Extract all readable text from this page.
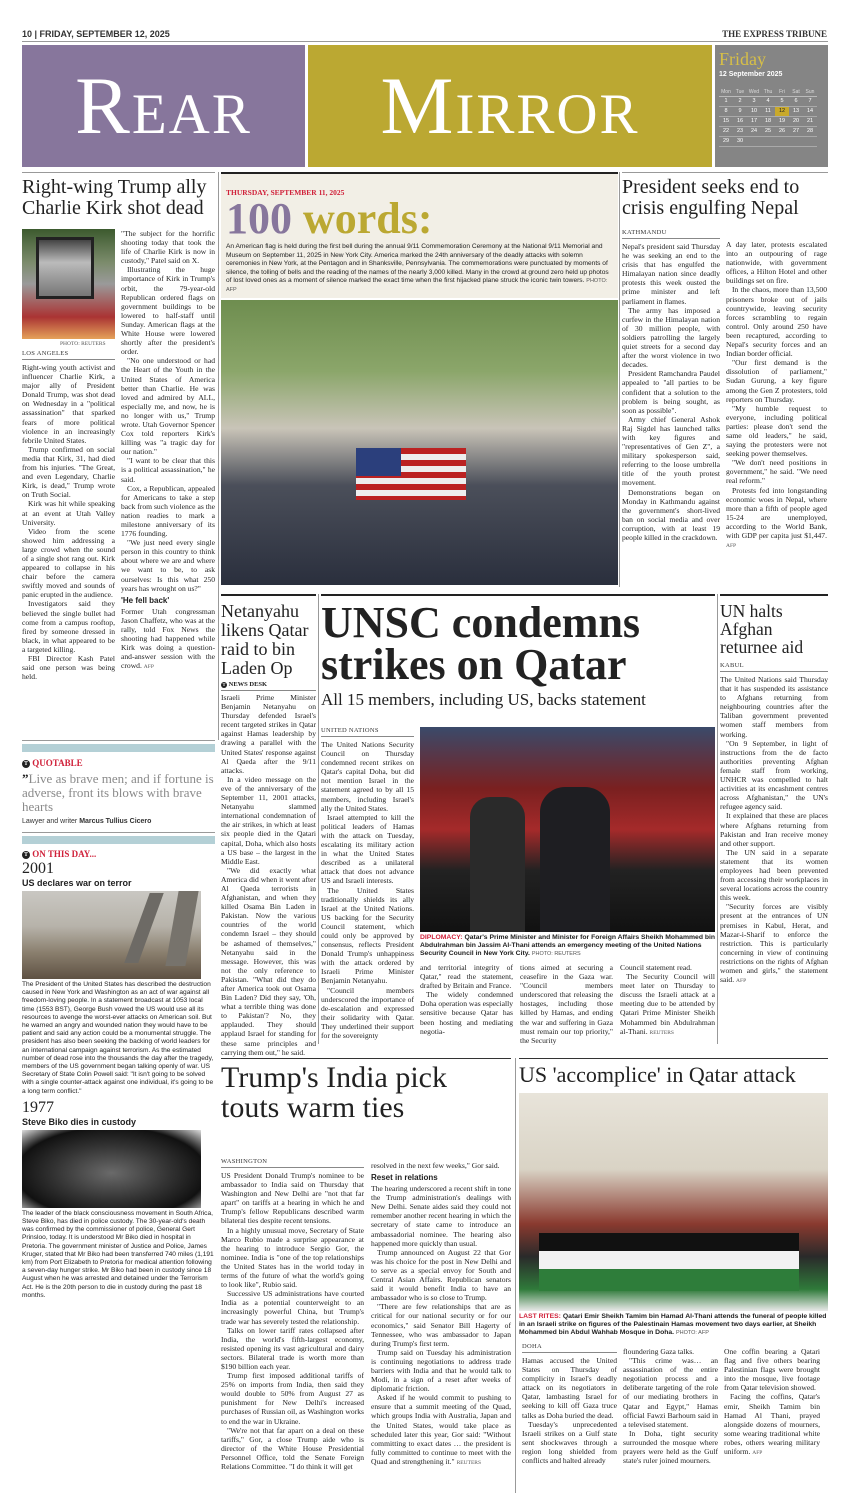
10 | FRIDAY, SEPTEMBER 12, 2025	THE EXPRESS TRIBUNE
Rear Mirror
Friday
12 September 2025
Mon	Tue	Wed	Thu	Fri	Sat	Sun
1	2	3	4	5	6	7
8	9	10	11	12	13	14
15	16	17	18	19	20	21
22	23	24	25	26	27	28
29	30					
Right-wing Trump ally Charlie Kirk shot dead
PHOTO: REUTERS
LOS ANGELES

Right-wing youth activist and influencer Charlie Kirk, a major ally of President Donald Trump, was shot dead on Wednesday in a "political assassination" that sparked fears of more political violence in an increasingly febrile United States.

Trump confirmed on social media that Kirk, 31, had died from his injuries. "The Great, and even Legendary, Charlie Kirk, is dead," Trump wrote on Truth Social.

Kirk was hit while speaking at an event at Utah Valley University.

Video from the scene showed him addressing a large crowd when the sound of a single shot rang out. Kirk appeared to collapse in his chair before the camera swiftly moved and sounds of panic erupted in the audience.

Investigators said they believed the single bullet had come from a campus rooftop, fired by someone dressed in black, in what appeared to be a targeted killing.

FBI Director Kash Patel said one person was being held.

"The subject for the horrific shooting today that took the life of Charlie Kirk is now in custody," Patel said on X.

Illustrating the huge importance of Kirk in Trump's orbit, the 79-year-old Republican ordered flags on government buildings to be lowered to half-staff until Sunday. American flags at the White House were lowered shortly after the president's order.

"No one understood or had the Heart of the Youth in the United States of America better than Charlie. He was loved and admired by ALL, especially me, and now, he is no longer with us," Trump wrote. Utah Governor Spencer Cox told reporters Kirk's killing was "a tragic day for our nation."

"I want to be clear that this is a political assassination," he said.

Cox, a Republican, appealed for Americans to take a step back from such violence as the nation readies to mark a milestone anniversary of its 1776 founding.

"We just need every single person in this country to think about where we are and where we want to be, to ask ourselves: Is this what 250 years has wrought on us?"

'He fell back'

Former Utah congressman Jason Chaffetz, who was at the rally, told Fox News the shooting had happened while Kirk was doing a question-and-answer session with the crowd. AFP

T QUOTABLE
”Live as brave men; and if fortune is adverse, front its blows with brave hearts
Lawyer and writer Marcus Tullius Cicero
T ON THIS DAY...
2001
US declares war on terror
The President of the United States has described the destruction caused in New York and Washington as an act of war against all freedom-loving people. In a statement broadcast at 1053 local time (1553 BST), George Bush vowed the US would use all its resources to avenge the worst-ever attacks on American soil. But he warned an angry and wounded nation they would have to be patient and said any action could be a monumental struggle. The president has also been seeking the backing of world leaders for an international campaign against terrorism. As the estimated number of dead rose into the thousands the day after the tragedy, members of the US government began talking openly of war. US Secretary of State Colin Powell said: "It isn't going to be solved with a single counter-attack against one individual, it's going to be a long term conflict."
1977
Steve Biko dies in custody
The leader of the black consciousness movement in South Africa, Steve Biko, has died in police custody. The 30-year-old's death was confirmed by the commissioner of police, General Gert Prinsloo, today. It is understood Mr Biko died in hospital in Pretoria. The government minister of Justice and Police, James Kruger, stated that Mr Biko had been transferred 740 miles (1,191 km) from Port Elizabeth to Pretoria for medical attention following a seven-day hunger strike. Mr Biko had been in custody since 18 August when he was arrested and detained under the Terrorism Act. He is the 20th person to die in custody during the past 18 months.
THURSDAY, SEPTEMBER 11, 2025
100 words:
An American flag is held during the first bell during the annual 9/11 Commemoration Ceremony at the National 9/11 Memorial and Museum on September 11, 2025 in New York City. America marked the 24th anniversary of the deadly attacks with solemn ceremonies in New York, at the Pentagon and in Shanksville, Pennsylvania. The commemorations were punctuated by moments of silence, the tolling of bells and the reading of the names of the nearly 3,000 killed. Many in the crowd at ground zero held up photos of lost loved ones as a moment of silence marked the exact time when the first hijacked plane struck the iconic twin towers. PHOTO: AFP
President seeks end to crisis engulfing Nepal
KATHMANDU

Nepal's president said Thursday he was seeking an end to the crisis that has engulfed the Himalayan nation since deadly protests this week ousted the prime minister and left parliament in flames.

The army has imposed a curfew in the Himalayan nation of 30 million people, with soldiers patrolling the largely quiet streets for a second day after the worst violence in two decades.

President Ramchandra Paudel appealed to "all parties to be confident that a solution to the problem is being sought, as soon as possible".

Army chief General Ashok Raj Sigdel has launched talks with key figures and "representatives of Gen Z", a military spokesperson said, referring to the loose umbrella title of the youth protest movement.

Demonstrations began on Monday in Kathmandu against the government's short-lived ban on social media and over corruption, with at least 19 people killed in the crackdown.

A day later, protests escalated into an outpouring of rage nationwide, with government offices, a Hilton Hotel and other buildings set on fire.

In the chaos, more than 13,500 prisoners broke out of jails countrywide, leaving security forces scrambling to regain control. Only around 250 have been recaptured, according to Nepal's security forces and an Indian border official.

"Our first demand is the dissolution of parliament," Sudan Gurung, a key figure among the Gen Z protesters, told reporters on Thursday.

"My humble request to everyone, including political parties: please don't send the same old leaders," he said, saying the protesters were not seeking power themselves.

"We don't need positions in government," he said. "We need real reform."

Protests fed into longstanding economic woes in Nepal, where more than a fifth of people aged 15-24 are unemployed, according to the World Bank, with GDP per capita just $1,447. AFP

Netanyahu likens Qatar raid to bin Laden Op
T NEWS DESK

Israeli Prime Minister Benjamin Netanyahu on Thursday defended Israel's recent targeted strikes in Qatar against Hamas leadership by drawing a parallel with the United States' response against Al Qaeda after the 9/11 attacks.

In a video message on the eve of the anniversary of the September 11, 2001 attacks, Netanyahu slammed international condemnation of the air strikes, in which at least six people died in the Qatari capital, Doha, which also hosts a US base – the largest in the Middle East.

"We did exactly what America did when it went after Al Qaeda terrorists in Afghanistan, and when they killed Osama Bin Laden in Pakistan. Now the various countries of the world condemn Israel – they should be ashamed of themselves," Netanyahu said in the message. However, this was not the only reference to Pakistan. "What did they do after America took out Osama Bin Laden? Did they say, 'Oh, what a terrible thing was done to Pakistan'? No, they applauded. They should applaud Israel for standing for these same principles and carrying them out," he said.

UNSC condemns strikes on Qatar
All 15 members, including US, backs statement
UNITED NATIONS

The United Nations Security Council on Thursday condemned recent strikes on Qatar's capital Doha, but did not mention Israel in the statement agreed to by all 15 members, including Israel's ally the United States.

Israel attempted to kill the political leaders of Hamas with the attack on Tuesday, escalating its military action in what the United States described as a unilateral attack that does not advance US and Israeli interests.

The United States traditionally shields its ally Israel at the United Nations. US backing for the Security Council statement, which could only be approved by consensus, reflects President Donald Trump's unhappiness with the attack ordered by Israeli Prime Minister Benjamin Netanyahu.

"Council members underscored the importance of de-escalation and expressed their solidarity with Qatar. They underlined their support for the sovereignty

DIPLOMACY: Qatar's Prime Minister and Minister for Foreign Affairs Sheikh Mohammed bin Abdulrahman bin Jassim Al-Thani attends an emergency meeting of the United Nations Security Council in New York City. PHOTO: REUTERS

and territorial integrity of Qatar," read the statement, drafted by Britain and France.

The widely condemned Doha operation was especially sensitive because Qatar has been hosting and mediating negotia-

tions aimed at securing a ceasefire in the Gaza war. "Council members underscored that releasing the hostages, including those killed by Hamas, and ending the war and suffering in Gaza must remain our top priority," the Security

Council statement read.

The Security Council will meet later on Thursday to discuss the Israeli attack at a meeting due to be attended by Qatari Prime Minister Sheikh Mohammed bin Abdulrahman al-Thani. REUTERS

UN halts Afghan returnee aid
KABUL

The United Nations said Thursday that it has suspended its assistance to Afghans returning from neighbouring countries after the Taliban government prevented women staff members from working.

"On 9 September, in light of instructions from the de facto authorities preventing Afghan female staff from working, UNHCR was compelled to halt activities at its encashment centres across Afghanistan," the UN's refugee agency said.

It explained that these are places where Afghans returning from Pakistan and Iran receive money and other support.

The UN said in a separate statement that its women employees had been prevented from accessing their workplaces in several locations across the country this week.

"Security forces are visibly present at the entrances of UN premises in Kabul, Herat, and Mazar-i-Sharif to enforce the restriction. This is particularly concerning in view of continuing restrictions on the rights of Afghan women and girls," the statement said. AFP

Trump's India pick touts warm ties
WASHINGTON

US President Donald Trump's nominee to be ambassador to India said on Thursday that Washington and New Delhi are "not that far apart" on tariffs at a hearing in which he and Trump's fellow Republicans described warm bilateral ties despite recent tensions.

In a highly unusual move, Secretary of State Marco Rubio made a surprise appearance at the hearing to introduce Sergio Gor, the nominee. India is "one of the top relationships the United States has in the world today in terms of the future of what the world's going to look like", Rubio said.

Successive US administrations have courted India as a potential counterweight to an increasingly powerful China, but Trump's trade war has severely tested the relationship.

Talks on lower tariff rates collapsed after India, the world's fifth-largest economy, resisted opening its vast agricultural and dairy sectors. Bilateral trade is worth more than $190 billion each year.

Trump first imposed additional tariffs of 25% on imports from India, then said they would double to 50% from August 27 as punishment for New Delhi's increased purchases of Russian oil, as Washington works to end the war in Ukraine.

"We're not that far apart on a deal on these tariffs," Gor, a close Trump aide who is director of the White House Presidential Personnel Office, told the Senate Foreign Relations Committee. "I do think it will get

resolved in the next few weeks," Gor said.

Reset in relations

The hearing underscored a recent shift in tone the Trump administration's dealings with New Delhi. Senate aides said they could not remember another recent hearing in which the secretary of state came to introduce an ambassadorial nominee. The hearing also happened more quickly than usual.

Trump announced on August 22 that Gor was his choice for the post in New Delhi and to serve as a special envoy for South and Central Asian Affairs. Republican senators said it would benefit India to have an ambassador who is so close to Trump.

"There are few relationships that are as critical for our national security or for our economics," said Senator Bill Hagerty of Tennessee, who was ambassador to Japan during Trump's first term.

Trump said on Tuesday his administration is continuing negotiations to address trade barriers with India and that he would talk to Modi, in a sign of a reset after weeks of diplomatic friction.

Asked if he would commit to pushing to ensure that a summit meeting of the Quad, which groups India with Australia, Japan and the United States, would take place as scheduled later this year, Gor said: "Without committing to exact dates … the president is fully committed to continue to meet with the Quad and strengthening it." REUTERS

US 'accomplice' in Qatar attack
LAST RITES: Qatari Emir Sheikh Tamim bin Hamad Al-Thani attends the funeral of people killed in an Israeli strike on figures of the Palestinain Hamas movement two days earlier, at Sheikh Mohammed bin Abdul Wahhab Mosque in Doha. PHOTO: AFP
DOHA

Hamas accused the United States on Thursday of complicity in Israel's deadly attack on its negotiators in Qatar, lambasting Israel for seeking to kill off Gaza truce talks as Doha buried the dead.

Tuesday's unprecedented Israeli strikes on a Gulf state sent shockwaves through a region long shielded from conflicts and halted already

floundering Gaza talks.

"This crime was… an assassination of the entire negotiation process and a deliberate targeting of the role of our mediating brothers in Qatar and Egypt," Hamas official Fawzi Barhoum said in a televised statement.

In Doha, tight security surrounded the mosque where prayers were held as the Gulf state's ruler joined mourners.

One coffin bearing a Qatari flag and five others bearing Palestinian flags were brought into the mosque, live footage from Qatar television showed.

Facing the coffins, Qatar's emir, Sheikh Tamim bin Hamad Al Thani, prayed alongside dozens of mourners, some wearing traditional white robes, others wearing military uniform. AFP
